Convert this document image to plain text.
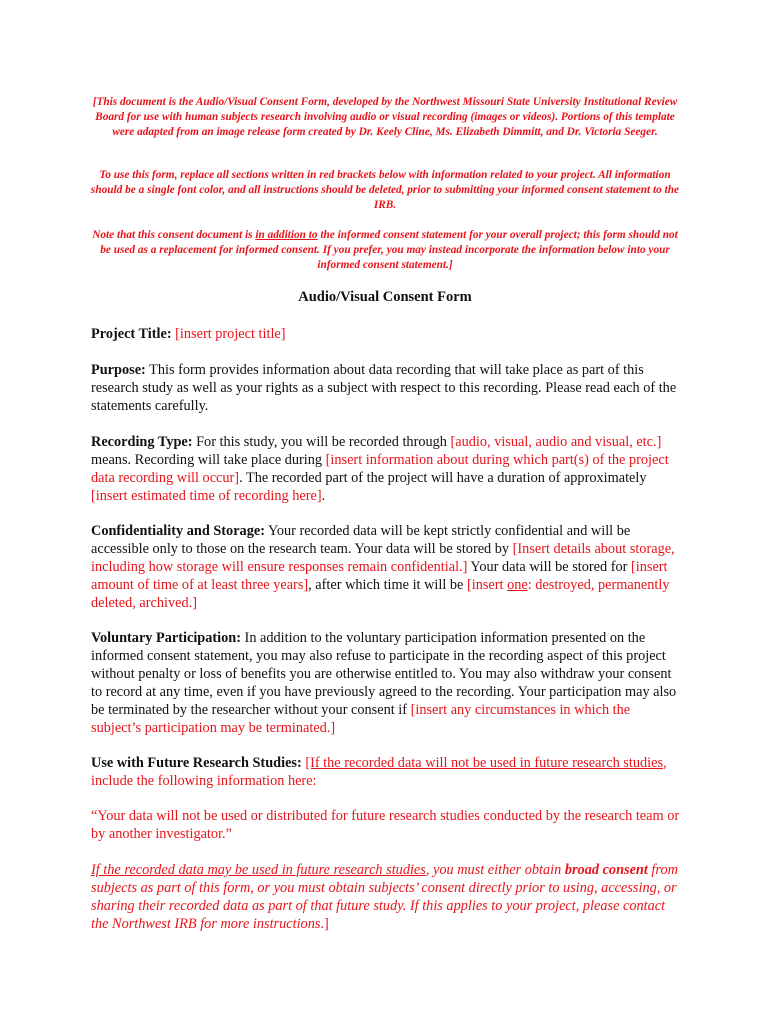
[This document is the Audio/Visual Consent Form, developed by the Northwest Missouri State University Institutional Review Board for use with human subjects research involving audio or visual recording (images or videos). Portions of this template were adapted from an image release form created by Dr. Keely Cline, Ms. Elizabeth Dimmitt, and Dr. Victoria Seeger.

To use this form, replace all sections written in red brackets below with information related to your project. All information should be a single font color, and all instructions should be deleted, prior to submitting your informed consent statement to the IRB.

Note that this consent document is in addition to the informed consent statement for your overall project; this form should not be used as a replacement for informed consent. If you prefer, you may instead incorporate the information below into your informed consent statement.]

Audio/Visual Consent Form

Project Title: [insert project title]

Purpose: This form provides information about data recording that will take place as part of this research study as well as your rights as a subject with respect to this recording. Please read each of the statements carefully.

Recording Type: For this study, you will be recorded through [audio, visual, audio and visual, etc.] means. Recording will take place during [insert information about during which part(s) of the project data recording will occur]. The recorded part of the project will have a duration of approximately [insert estimated time of recording here].

Confidentiality and Storage: Your recorded data will be kept strictly confidential and will be accessible only to those on the research team. Your data will be stored by [Insert details about storage, including how storage will ensure responses remain confidential.] Your data will be stored for [insert amount of time of at least three years], after which time it will be [insert one: destroyed, permanently deleted, archived.]

Voluntary Participation: In addition to the voluntary participation information presented on the informed consent statement, you may also refuse to participate in the recording aspect of this project without penalty or loss of benefits you are otherwise entitled to. You may also withdraw your consent to record at any time, even if you have previously agreed to the recording. Your participation may also be terminated by the researcher without your consent if [insert any circumstances in which the subject’s participation may be terminated.]

Use with Future Research Studies: [If the recorded data will not be used in future research studies, include the following information here:

“Your data will not be used or distributed for future research studies conducted by the research team or by another investigator.”

If the recorded data may be used in future research studies, you must either obtain broad consent from subjects as part of this form, or you must obtain subjects’ consent directly prior to using, accessing, or sharing their recorded data as part of that future study. If this applies to your project, please contact the Northwest IRB for more instructions.]
